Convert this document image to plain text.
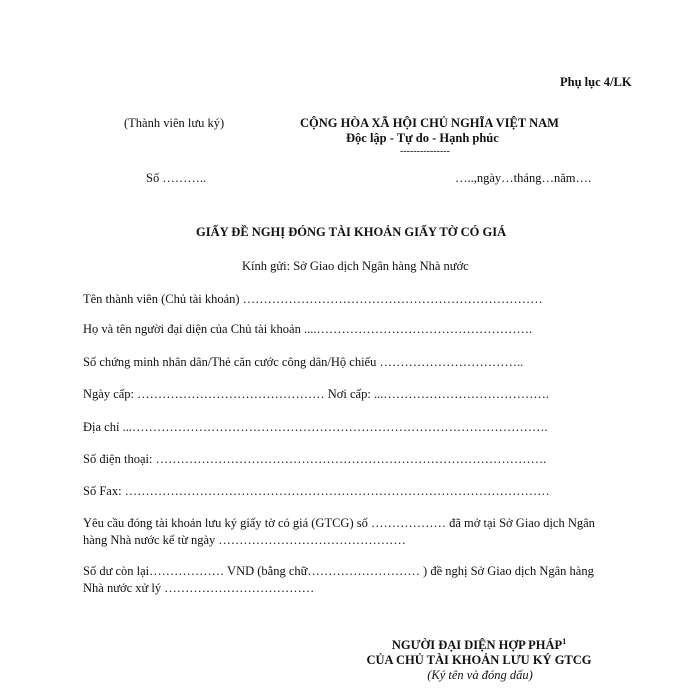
Phụ lục 4/LK
(Thành viên lưu ký)	CỘNG HÒA XÃ HỘI CHỦ NGHĨA VIỆT NAM
Độc lập - Tự do - Hạnh phúc
---------------
Số ………..	…..,ngày…tháng…năm….
GIẤY ĐỀ NGHỊ ĐÓNG TÀI KHOẢN GIẤY TỜ CÓ GIÁ
Kính gửi: Sở Giao dịch Ngân hàng Nhà nước
Tên thành viên (Chủ tài khoản) ………………………………………………………………
Họ và tên người đại diện của Chủ tài khoản ....…………………………………………….
Số chứng minh nhân dân/Thẻ căn cước công dân/Hộ chiếu ……………………………..
Ngày cấp: ……………………………………… Nơi cấp: ...………………………………….
Địa chỉ ...……………………………………………………………………………………….
Số điện thoại: ………………………………………………………………………………….
Số Fax: …………………………………………………………………………………………
Yêu cầu đóng tài khoản lưu ký giấy tờ có giá (GTCG) số ……………… đã mở tại Sở Giao dịch Ngân
hàng Nhà nước kể từ ngày ………………………………………
Số dư còn lại……………… VND (bằng chữ……………………… ) đề nghị Sở Giao dịch Ngân hàng
Nhà nước xử lý ………………………………
NGƯỜI ĐẠI DIỆN HỢP PHÁP$^1$
CỦA CHỦ TÀI KHOẢN LƯU KÝ GTCG
(Ký tên và đóng dấu)
